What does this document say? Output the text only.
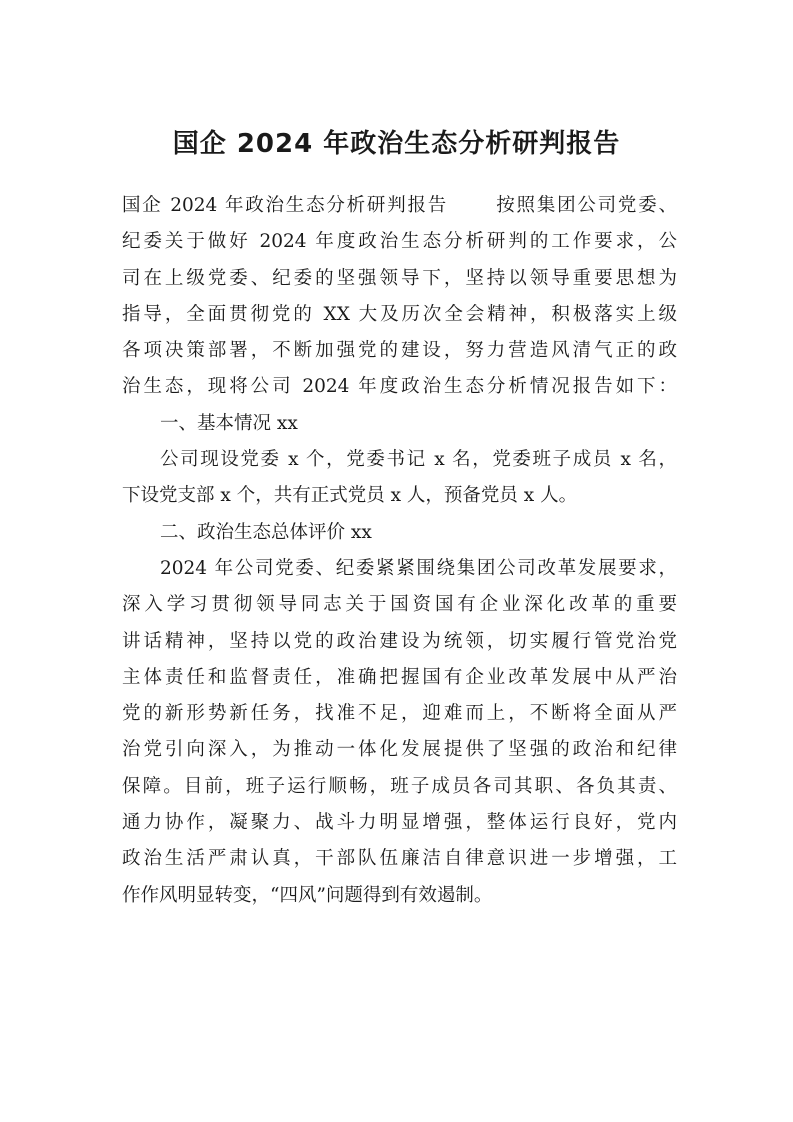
国企 2024 年政治生态分析研判报告
国企 2024 年政治生态分析研判报告　　 按照集团公司党委、
纪委关于做好 2024 年度政治生态分析研判的工作要求，公
司在上级党委、纪委的坚强领导下，坚持以领导重要思想为
指导，全面贯彻党的 XX 大及历次全会精神，积极落实上级
各项决策部署，不断加强党的建设，努力营造风清气正的政
治生态，现将公司 2024 年度政治生态分析情况报告如下：
一、基本情况 xx
公司现设党委 x 个，党委书记 x 名，党委班子成员 x 名，
下设党支部 x 个，共有正式党员 x 人，预备党员 x 人。
二、政治生态总体评价 xx
2024 年公司党委、纪委紧紧围绕集团公司改革发展要求，
深入学习贯彻领导同志关于国资国有企业深化改革的重要
讲话精神，坚持以党的政治建设为统领，切实履行管党治党
主体责任和监督责任，准确把握国有企业改革发展中从严治
党的新形势新任务，找准不足，迎难而上，不断将全面从严
治党引向深入，为推动一体化发展提供了坚强的政治和纪律
保障。目前，班子运行顺畅，班子成员各司其职、各负其责、
通力协作，凝聚力、战斗力明显增强，整体运行良好，党内
政治生活严肃认真，干部队伍廉洁自律意识进一步增强，工
作作风明显转变，“四风”问题得到有效遏制。
